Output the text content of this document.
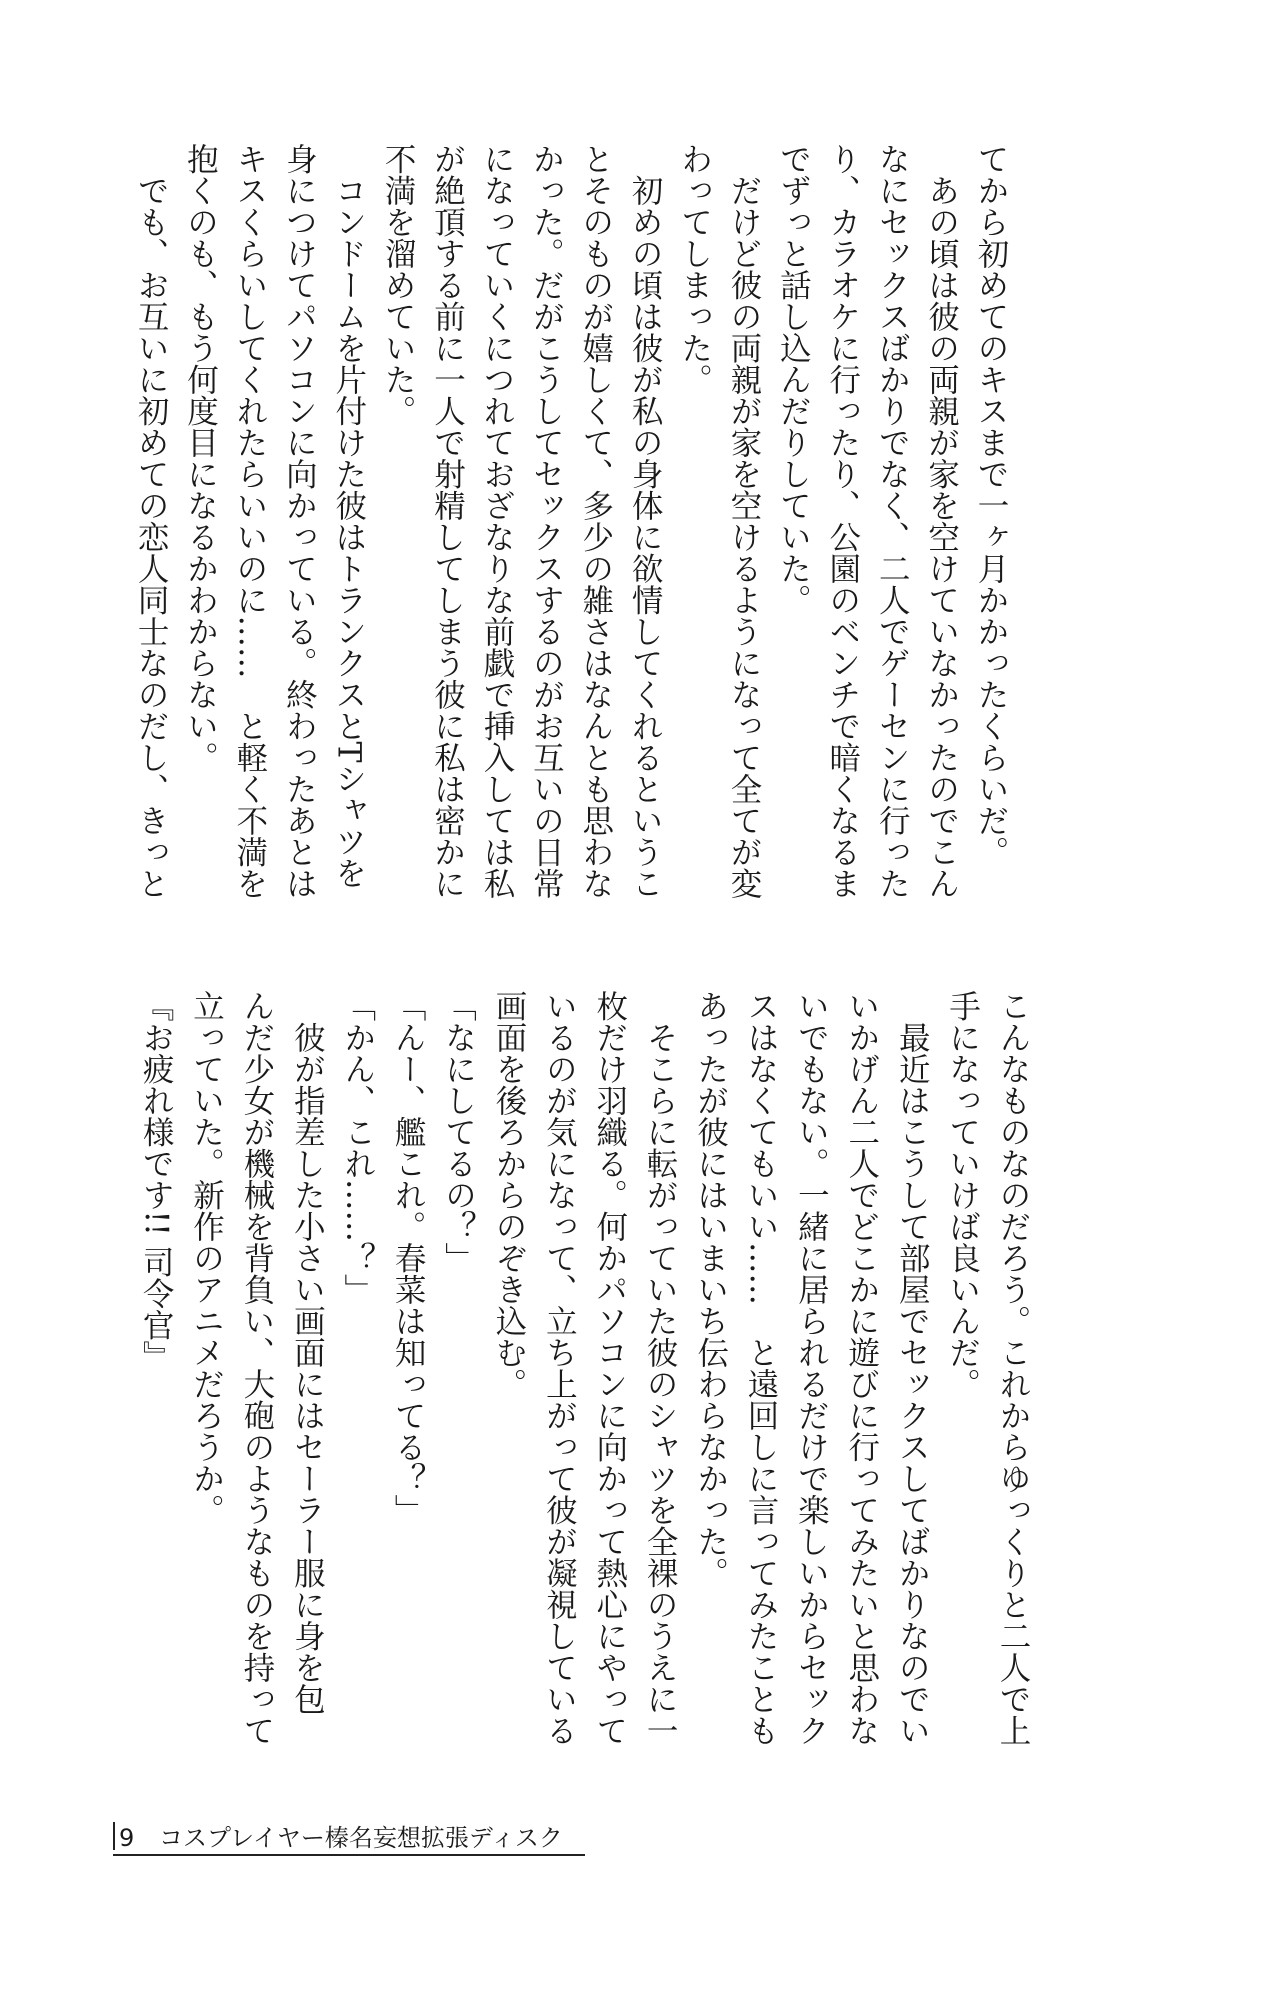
てから初めてのキスまで一ヶ月かかったくらいだ。
　あの頃は彼の両親が家を空けていなかったのでこん
なにセックスばかりでなく、二人でゲーセンに行った
り、カラオケに行ったり、公園のベンチで暗くなるま
でずっと話し込んだりしていた。
　だけど彼の両親が家を空けるようになって全てが変
わってしまった。
　初めの頃は彼が私の身体に欲情してくれるというこ
とそのものが嬉しくて、多少の雑さはなんとも思わな
かった。だがこうしてセックスするのがお互いの日常
になっていくにつれておざなりな前戯で挿入しては私
が絶頂する前に一人で射精してしまう彼に私は密かに
不満を溜めていた。
　コンドームを片付けた彼はトランクスとTシャツを
身につけてパソコンに向かっている。終わったあとは
キスくらいしてくれたらいいのに……　と軽く不満を
抱くのも、もう何度目になるかわからない。
　でも、お互いに初めての恋人同士なのだし、きっと
こんなものなのだろう。これからゆっくりと二人で上
手になっていけば良いんだ。
　最近はこうして部屋でセックスしてばかりなのでい
いかげん二人でどこかに遊びに行ってみたいと思わな
いでもない。一緒に居られるだけで楽しいからセック
スはなくてもいい……　と遠回しに言ってみたことも
あったが彼にはいまいち伝わらなかった。
　そこらに転がっていた彼のシャツを全裸のうえに一
枚だけ羽織る。何かパソコンに向かって熱心にやって
いるのが気になって、立ち上がって彼が凝視している
画面を後ろからのぞき込む。
「なにしてるの？」
「んー、艦これ。春菜は知ってる？」
「かん、これ……？」
　彼が指差した小さい画面にはセーラー服に身を包
んだ少女が機械を背負い、大砲のようなものを持って
立っていた。新作のアニメだろうか。
『お疲れ様です!! 司令官』
9 コスプレイヤー榛名妄想拡張ディスク
